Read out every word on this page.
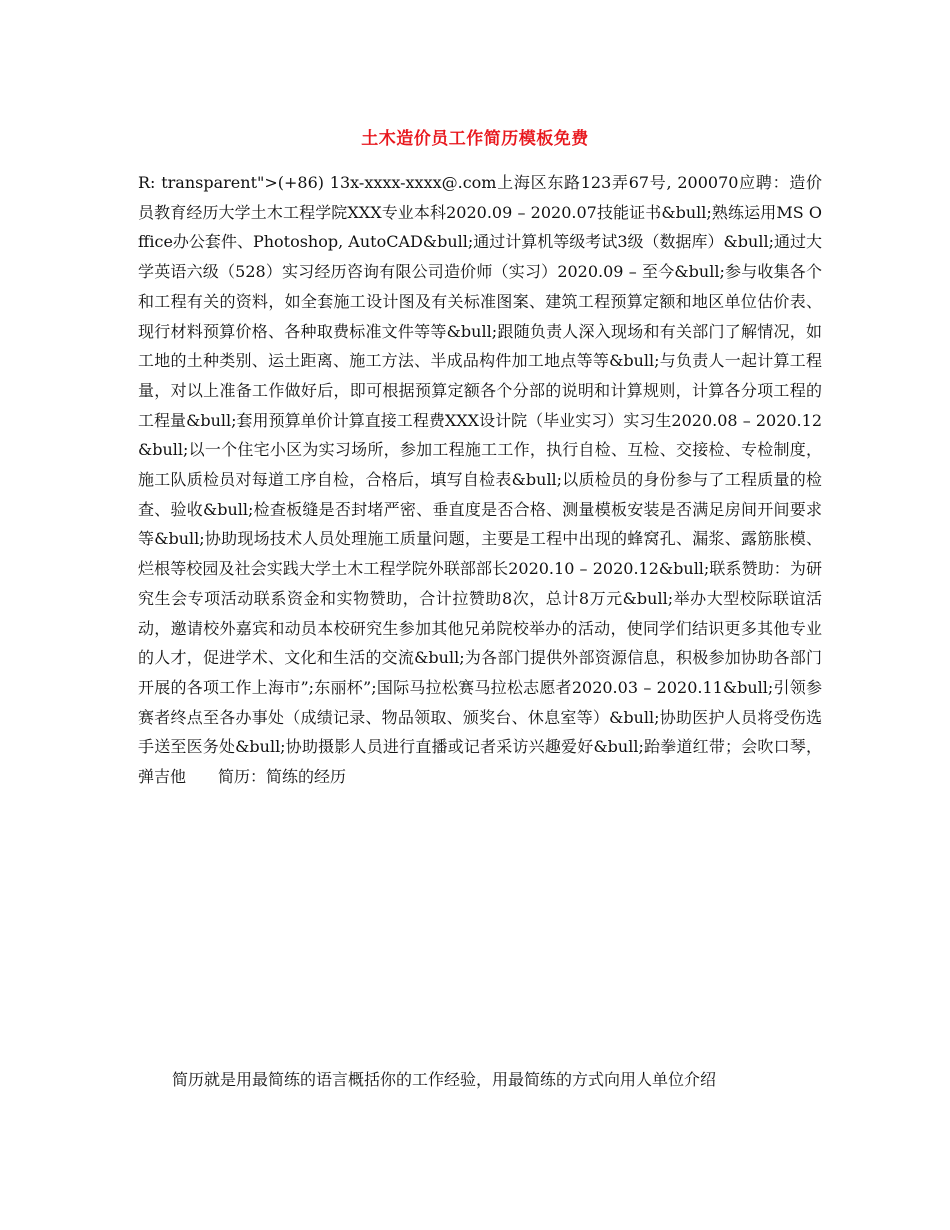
土木造价员工作简历模板免费

R: transparent">(+86) 13x-xxxx-xxxx@.com上海区东路123弄67号, 200070应聘：造价员教育经历大学土木工程学院XXX专业本科2020.09 – 2020.07技能证书&bull;熟练运用MS Office办公套件、Photoshop, AutoCAD&bull;通过计算机等级考试3级（数据库）&bull;通过大学英语六级（528）实习经历咨询有限公司造价师（实习）2020.09 – 至今&bull;参与收集各个和工程有关的资料，如全套施工设计图及有关标准图案、建筑工程预算定额和地区单位估价表、现行材料预算价格、各种取费标准文件等等&bull;跟随负责人深入现场和有关部门了解情况，如工地的土种类别、运土距离、施工方法、半成品构件加工地点等等&bull;与负责人一起计算工程量，对以上准备工作做好后，即可根据预算定额各个分部的说明和计算规则，计算各分项工程的工程量&bull;套用预算单价计算直接工程费XXX设计院（毕业实习）实习生2020.08 – 2020.12&bull;以一个住宅小区为实习场所，参加工程施工工作，执行自检、互检、交接检、专检制度，施工队质检员对每道工序自检，合格后，填写自检表&bull;以质检员的身份参与了工程质量的检查、验收&bull;检查板缝是否封堵严密、垂直度是否合格、测量模板安装是否满足房间开间要求等&bull;协助现场技术人员处理施工质量问题，主要是工程中出现的蜂窝孔、漏浆、露筋胀模、烂根等校园及社会实践大学土木工程学院外联部部长2020.10 – 2020.12&bull;联系赞助：为研究生会专项活动联系资金和实物赞助，合计拉赞助8次，总计8万元&bull;举办大型校际联谊活动，邀请校外嘉宾和动员本校研究生参加其他兄弟院校举办的活动，使同学们结识更多其他专业的人才，促进学术、文化和生活的交流&bull;为各部门提供外部资源信息，积极参加协助各部门开展的各项工作上海市”;东丽杯”;国际马拉松赛马拉松志愿者2020.03 – 2020.11&bull;引领参赛者终点至各办事处（成绩记录、物品领取、颁奖台、休息室等）&bull;协助医护人员将受伤选手送至医务处&bull;协助摄影人员进行直播或记者采访兴趣爱好&bull;跆拳道红带；会吹口琴，弹吉他　　简历：简练的经历

简历就是用最简练的语言概括你的工作经验，用最简练的方式向用人单位介绍
